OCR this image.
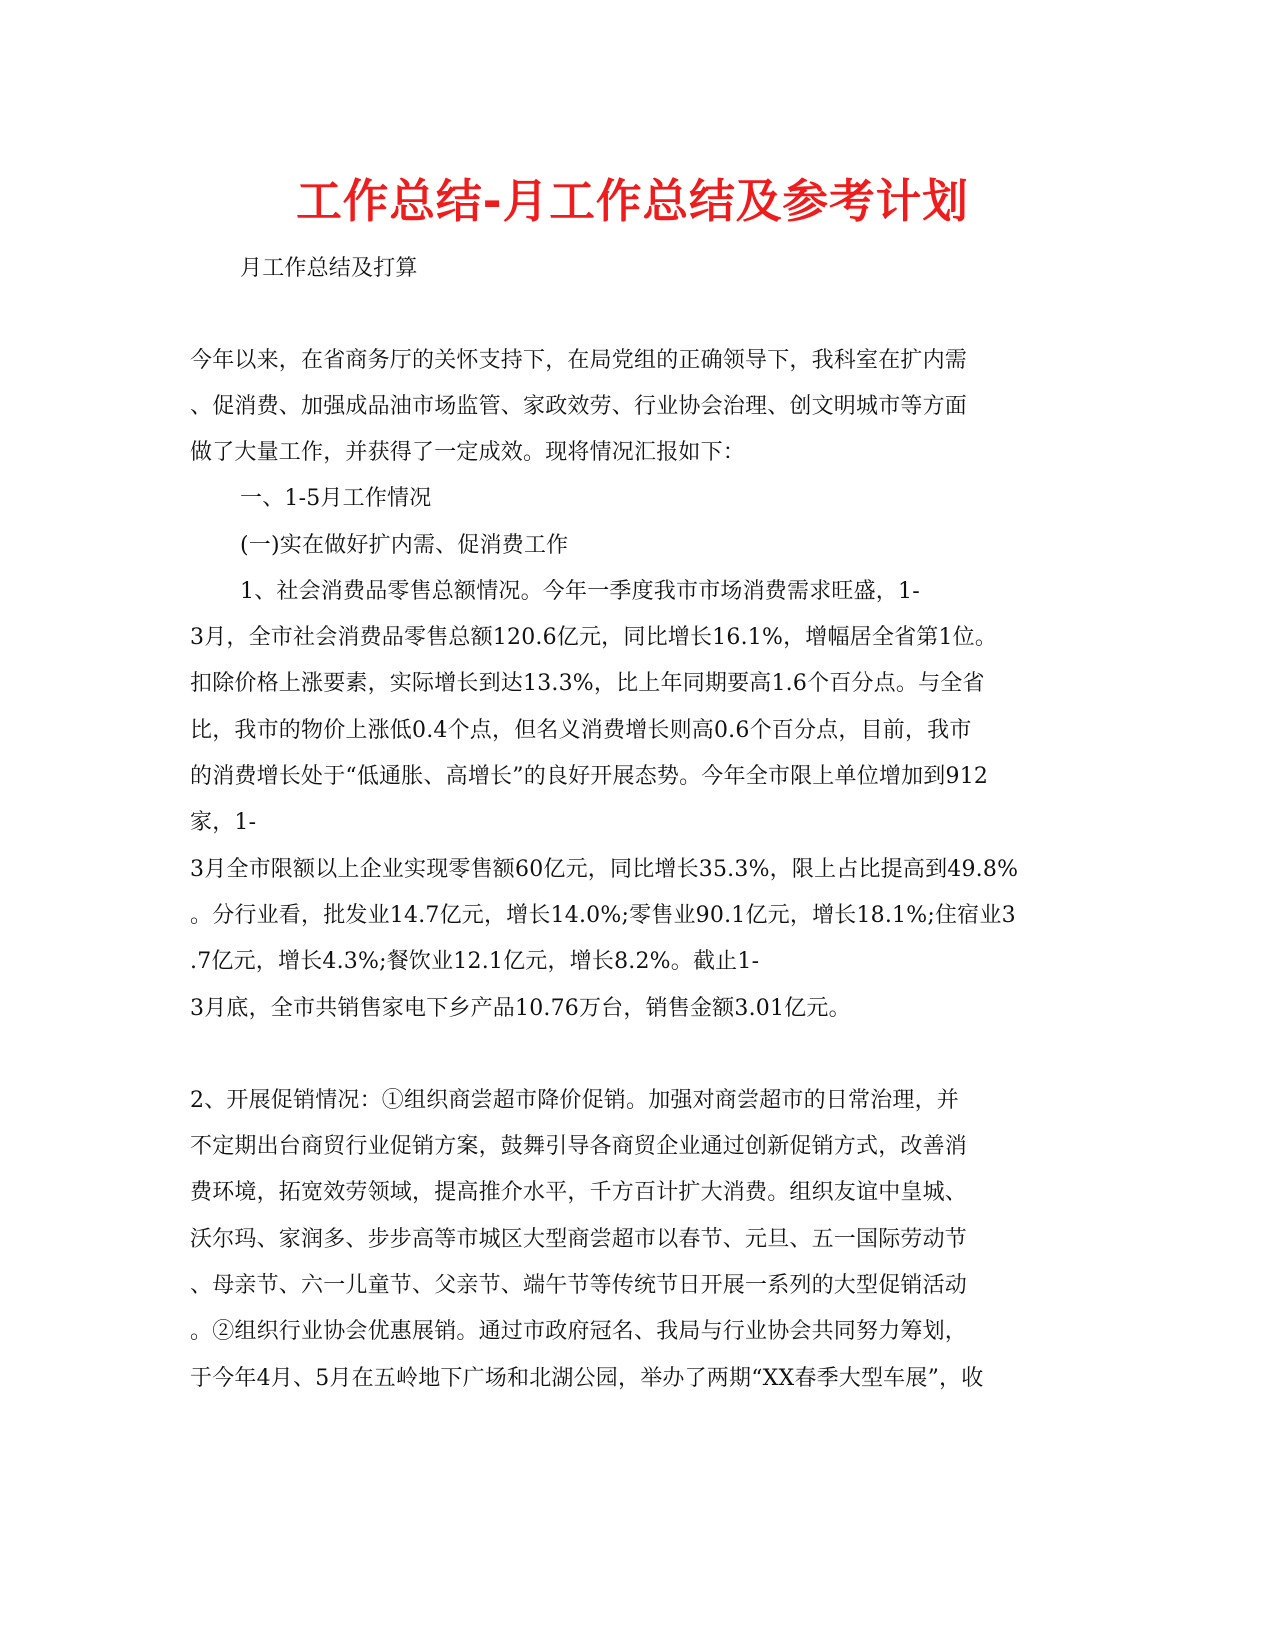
工作总结-月工作总结及参考计划
月工作总结及打算
今年以来，在省商务厅的关怀支持下，在局党组的正确领导下，我科室在扩内需
、促消费、加强成品油市场监管、家政效劳、行业协会治理、创文明城市等方面
做了大量工作，并获得了一定成效。现将情况汇报如下：
一、1-5月工作情况
(一)实在做好扩内需、促消费工作
1、社会消费品零售总额情况。今年一季度我市市场消费需求旺盛，1-
3月，全市社会消费品零售总额120.6亿元，同比增长16.1%，增幅居全省第1位。
扣除价格上涨要素，实际增长到达13.3%，比上年同期要高1.6个百分点。与全省
比，我市的物价上涨低0.4个点，但名义消费增长则高0.6个百分点，目前，我市
的消费增长处于“低通胀、高增长”的良好开展态势。今年全市限上单位增加到912
家，1-
3月全市限额以上企业实现零售额60亿元，同比增长35.3%，限上占比提高到49.8%
。分行业看，批发业14.7亿元，增长14.0%;零售业90.1亿元，增长18.1%;住宿业3
.7亿元，增长4.3%;餐饮业12.1亿元，增长8.2%。截止1-
3月底，全市共销售家电下乡产品10.76万台，销售金额3.01亿元。
2、开展促销情况：①组织商尝超市降价促销。加强对商尝超市的日常治理，并
不定期出台商贸行业促销方案，鼓舞引导各商贸企业通过创新促销方式，改善消
费环境，拓宽效劳领域，提高推介水平，千方百计扩大消费。组织友谊中皇城、
沃尔玛、家润多、步步高等市城区大型商尝超市以春节、元旦、五一国际劳动节
、母亲节、六一儿童节、父亲节、端午节等传统节日开展一系列的大型促销活动
。②组织行业协会优惠展销。通过市政府冠名、我局与行业协会共同努力筹划，
于今年4月、5月在五岭地下广场和北湖公园，举办了两期“XX春季大型车展”，收
